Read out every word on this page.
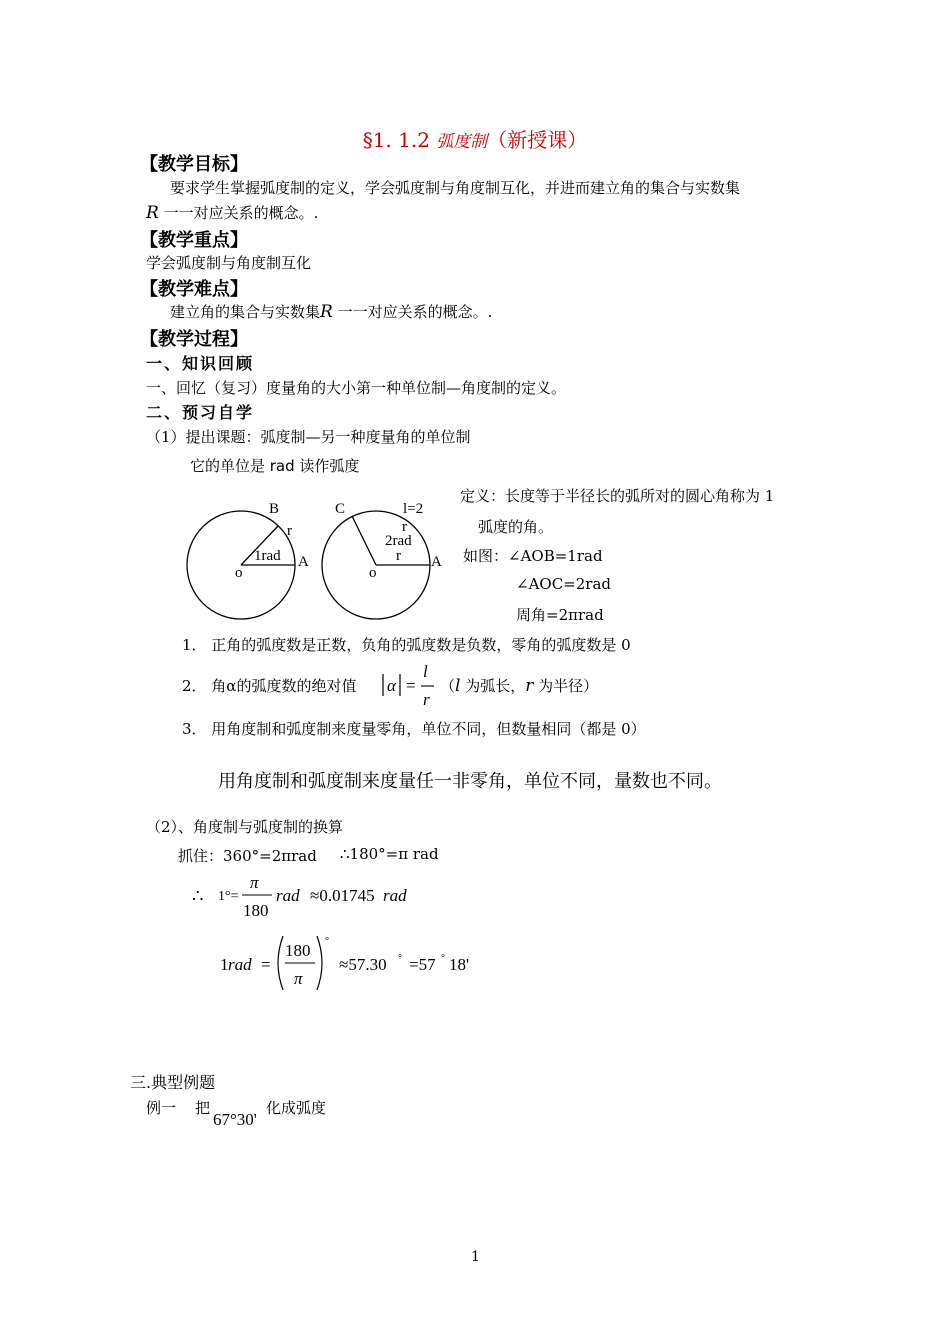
§1. 1.2 弧度制（新授课）
【教学目标】
要求学生掌握弧度制的定义，学会弧度制与角度制互化，并进而建立角的集合与实数集
R 一一对应关系的概念。.
【教学重点】
学会弧度制与角度制互化
【教学难点】
建立角的集合与实数集R 一一对应关系的概念。.
【教学过程】
一、知识回顾
一、回忆（复习）度量角的大小第一种单位制—角度制的定义。
二、预习自学
（1）提出课题：弧度制—另一种度量角的单位制
它的单位是 rad 读作弧度
B
r
1rad
o
A
C	l=2
r
2rad
r
o
A
定义：长度等于半径长的弧所对的圆心角称为 1
弧度的角。
如图：∠AOB=1rad
∠AOC=2rad
周角=2πrad
1． 正角的弧度数是正数，负角的弧度数是负数，零角的弧度数是 0
2． 角α的弧度数的绝对值 α =
l
r
（l 为弧长，r 为半径）
3． 用角度制和弧度制来度量零角，单位不同，但数量相同（都是 0）
用角度制和弧度制来度量任一非零角，单位不同，量数也不同。
（2）、角度制与弧度制的换算
抓住：360°=2πrad ∴180°=π rad
∴ 1°=
π
180
rad ≈0.01745 rad
1 rad =
180
π
°
≈57.30 ° =57 ° 18'
三.典型例题
例一 把
67°30'
化成弧度
1
